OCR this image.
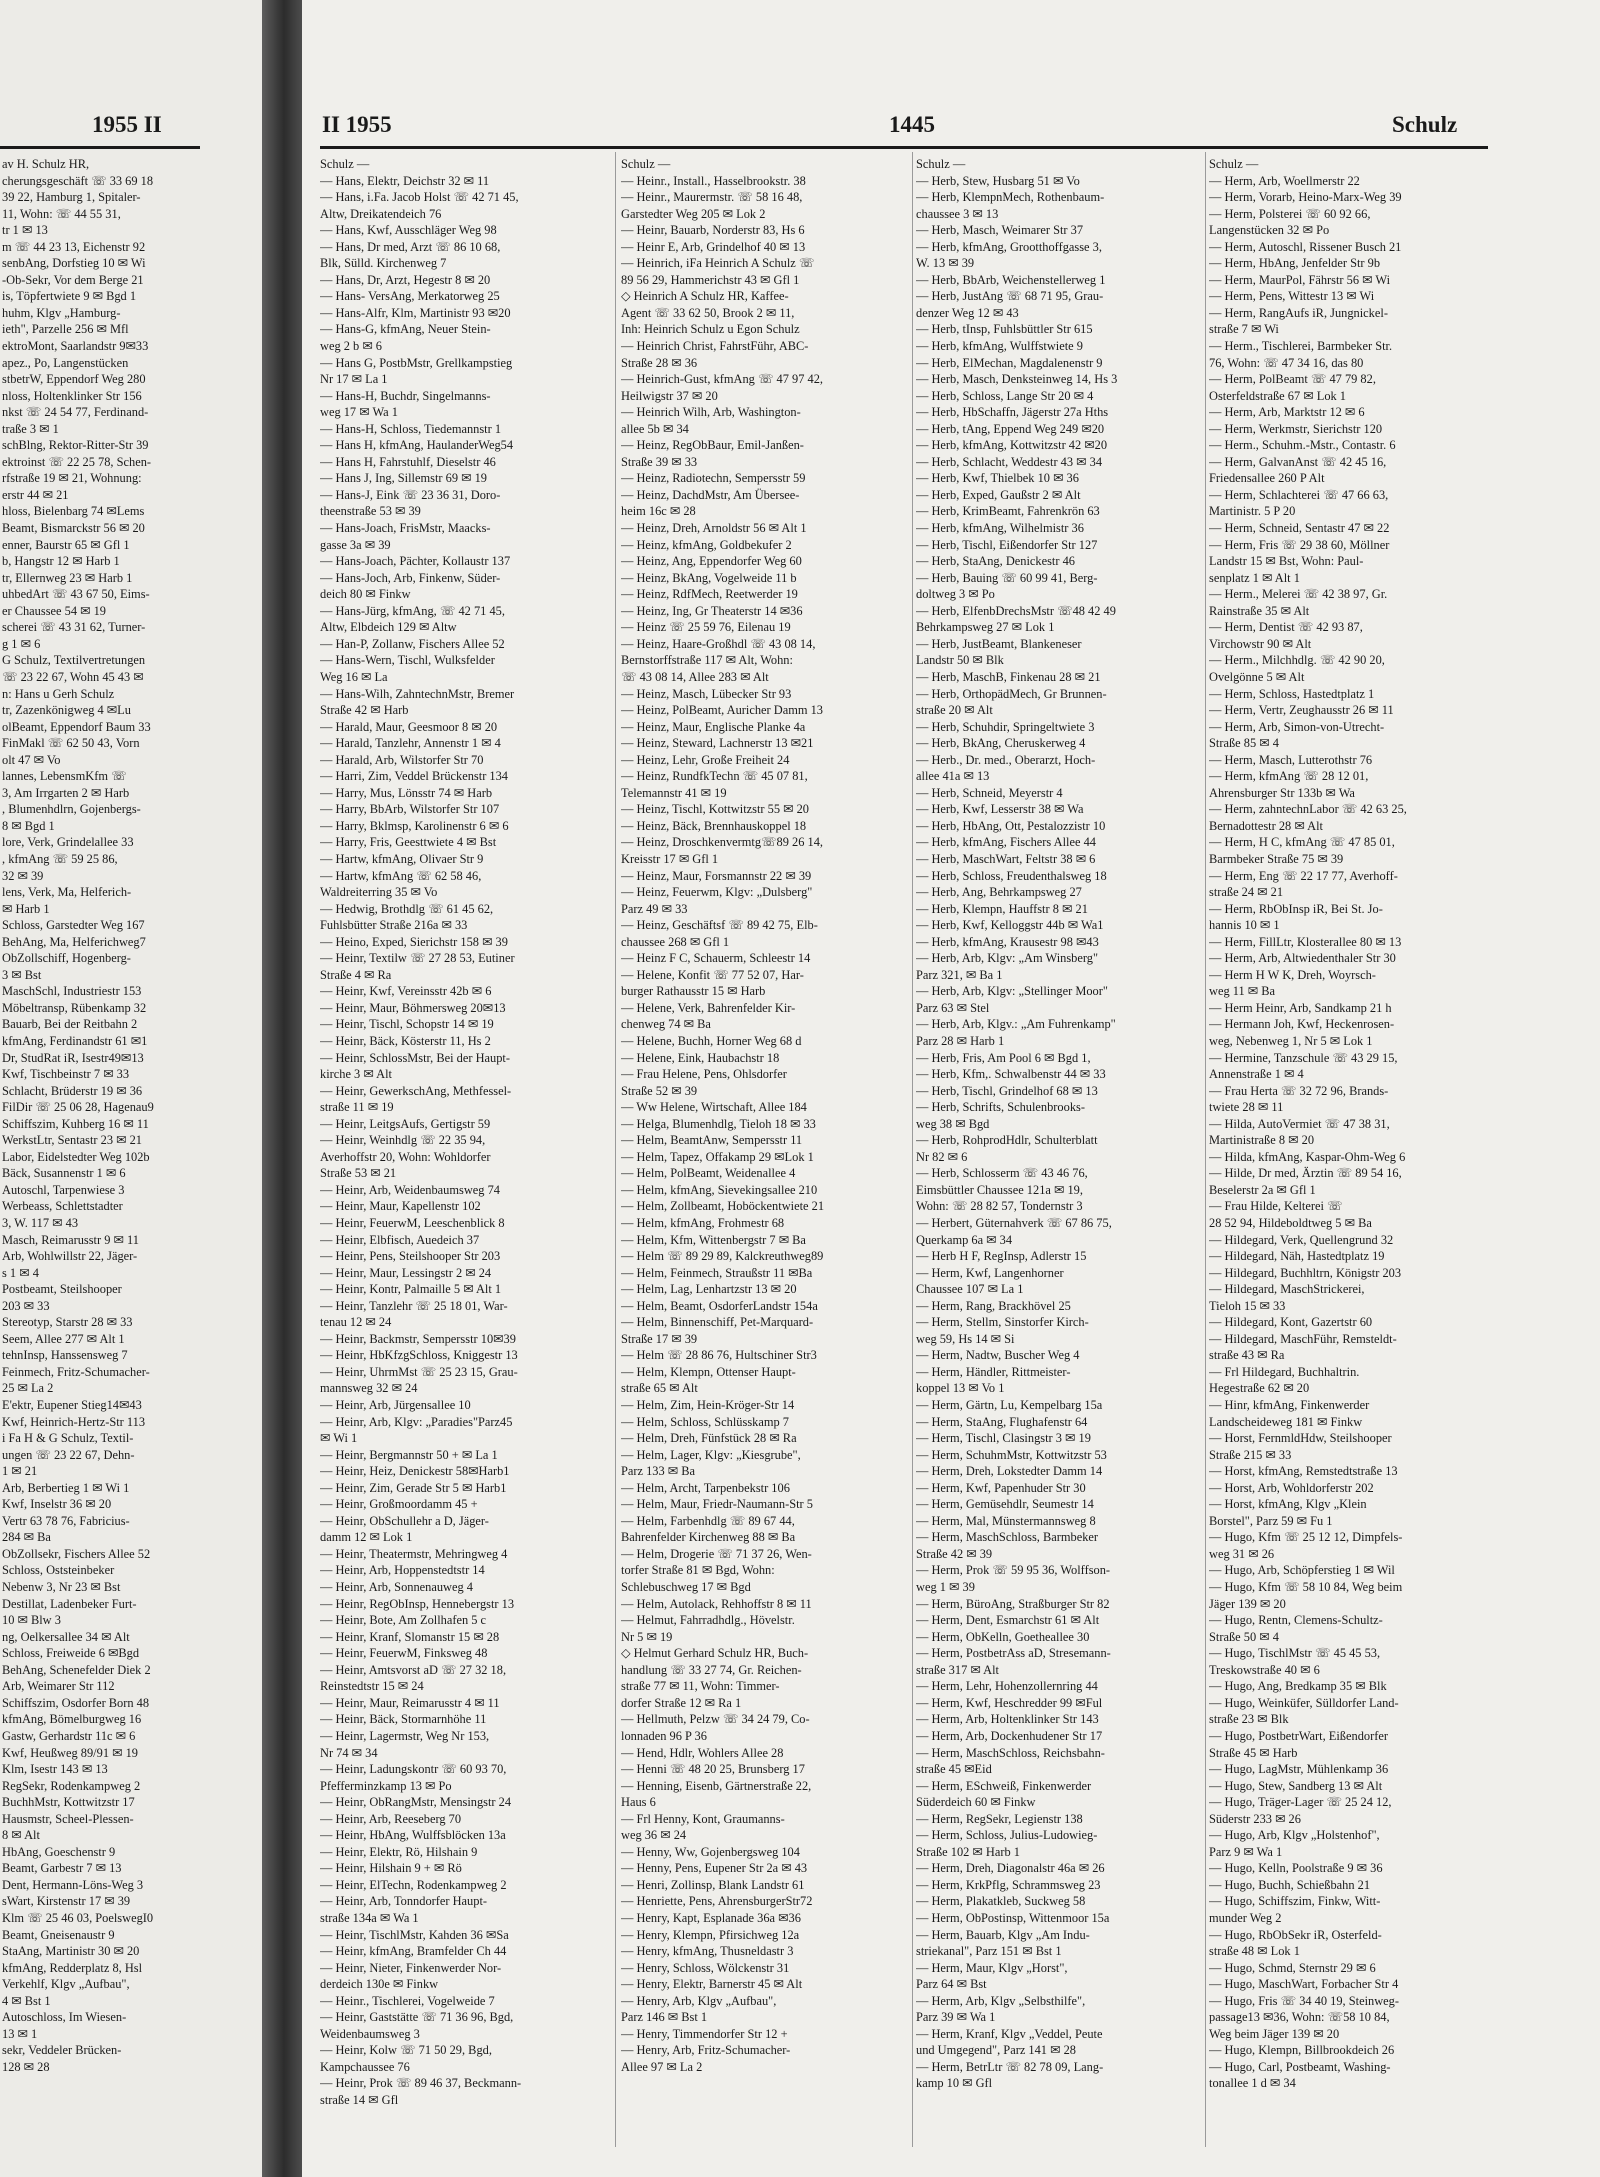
1955 II
av H. Schulz HR,
cherungsgeschäft ☏ 33 69 18
39 22, Hamburg 1, Spitaler-
11, Wohn: ☏ 44 55 31,
tr 1 ✉ 13
m ☏ 44 23 13, Eichenstr 92
senbAng, Dorfstieg 10 ✉ Wi
-Ob-Sekr, Vor dem Berge 21
is, Töpfertwiete 9 ✉ Bgd 1
huhm, Klgv „Hamburg-
ieth", Parzelle 256 ✉ Mfl
ektroMont, Saarlandstr 9✉33
apez., Po, Langenstücken
stbetrW, Eppendorf Weg 280
nloss, Holtenklinker Str 156
nkst ☏ 24 54 77, Ferdinand-
traße 3 ✉ 1
schBlng, Rektor-Ritter-Str 39
ektroinst ☏ 22 25 78, Schen-
rfstraße 19 ✉ 21, Wohnung:
erstr 44 ✉ 21
hloss, Bielenbarg 74 ✉Lems
Beamt, Bismarckstr 56 ✉ 20
enner, Baurstr 65 ✉ Gfl 1
b, Hangstr 12 ✉ Harb 1
tr, Ellernweg 23 ✉ Harb 1
uhbedArt ☏ 43 67 50, Eims-
er Chaussee 54 ✉ 19
scherei ☏ 43 31 62, Turner-
g 1 ✉ 6
G Schulz, Textilvertretungen
☏ 23 22 67, Wohn 45 43 ✉
n: Hans u Gerh Schulz
tr, Zazenkönigweg 4 ✉Lu
olBeamt, Eppendorf Baum 33
FinMakl ☏ 62 50 43, Vorn
olt 47 ✉ Vo
lannes, LebensmKfm ☏
3, Am Irrgarten 2 ✉ Harb
, Blumenhdlrn, Gojenbergs-
8 ✉ Bgd 1
lore, Verk, Grindelallee 33
, kfmAng ☏ 59 25 86,
32 ✉ 39
lens, Verk, Ma, Helferich-
✉ Harb 1
Schloss, Garstedter Weg 167
BehAng, Ma, Helferichweg7
ObZollschiff, Hogenberg-
3 ✉ Bst
MaschSchl, Industriestr 153
Möbeltransp, Rübenkamp 32
Bauarb, Bei der Reitbahn 2
kfmAng, Ferdinandstr 61 ✉1
Dr, StudRat iR, Isestr49✉13
Kwf, Tischbeinstr 7 ✉ 33
Schlacht, Brüderstr 19 ✉ 36
FilDir ☏ 25 06 28, Hagenau9
Schiffszim, Kuhberg 16 ✉ 11
WerkstLtr, Sentastr 23 ✉ 21
Labor, Eidelstedter Weg 102b
Bäck, Susannenstr 1 ✉ 6
Autoschl, Tarpenwiese 3
Werbeass, Schlettstadter
3, W. 117 ✉ 43
Masch, Reimarusstr 9 ✉ 11
Arb, Wohlwillstr 22, Jäger-
s 1 ✉ 4
Postbeamt, Steilshooper
203 ✉ 33
Stereotyp, Starstr 28 ✉ 33
Seem, Allee 277 ✉ Alt 1
tehnInsp, Hanssensweg 7
Feinmech, Fritz-Schumacher-
25 ✉ La 2
E'ektr, Eupener Stieg14✉43
Kwf, Heinrich-Hertz-Str 113
i Fa H & G Schulz, Textil-
ungen ☏ 23 22 67, Dehn-
1 ✉ 21
Arb, Berbertieg 1 ✉ Wi 1
Kwf, Inselstr 36 ✉ 20
Vertr 63 78 76, Fabricius-
284 ✉ Ba
ObZollsekr, Fischers Allee 52
Schloss, Oststeinbeker
Nebenw 3, Nr 23 ✉ Bst
Destillat, Ladenbeker Furt-
10 ✉ Blw 3
ng, Oelkersallee 34 ✉ Alt
Schloss, Freiweide 6 ✉Bgd
BehAng, Schenefelder Diek 2
Arb, Weimarer Str 112
Schiffszim, Osdorfer Born 48
kfmAng, Bömelburgweg 16
Gastw, Gerhardstr 11c ✉ 6
Kwf, Heußweg 89/91 ✉ 19
Klm, Isestr 143 ✉ 13
RegSekr, Rodenkampweg 2
BuchhMstr, Kottwitzstr 17
Hausmstr, Scheel-Plessen-
8 ✉ Alt
HbAng, Goeschenstr 9
Beamt, Garbestr 7 ✉ 13
Dent, Hermann-Löns-Weg 3
sWart, Kirstenstr 17 ✉ 39
Klm ☏ 25 46 03, PoelswegI0
Beamt, Gneisenaustr 9
StaAng, Martinistr 30 ✉ 20
kfmAng, Redderplatz 8, Hsl
Verkehlf, Klgv „Aufbau",
4 ✉ Bst 1
Autoschloss, Im Wiesen-
13 ✉ 1
sekr, Veddeler Brücken-
128 ✉ 28
II 1955	1445	Schulz
Schulz —
— Hans, Elektr, Deichstr 32 ✉ 11
— Hans, i.Fa. Jacob Holst ☏ 42 71 45,
Altw, Dreikatendeich 76
— Hans, Kwf, Ausschläger Weg 98
— Hans, Dr med, Arzt ☏ 86 10 68,
Blk, Sülld. Kirchenweg 7
— Hans, Dr, Arzt, Hegestr 8 ✉ 20
— Hans- VersAng, Merkatorweg 25
— Hans-Alfr, Klm, Martinistr 93 ✉20
— Hans-G, kfmAng, Neuer Stein-
weg 2 b ✉ 6
— Hans G, PostbMstr, Grellkampstieg
Nr 17 ✉ La 1
— Hans-H, Buchdr, Singelmanns-
weg 17 ✉ Wa 1
— Hans-H, Schloss, Tiedemannstr 1
— Hans H, kfmAng, HaulanderWeg54
— Hans H, Fahrstuhlf, Dieselstr 46
— Hans J, Ing, Sillemstr 69 ✉ 19
— Hans-J, Eink ☏ 23 36 31, Doro-
theenstraße 53 ✉ 39
— Hans-Joach, FrisMstr, Maacks-
gasse 3a ✉ 39
— Hans-Joach, Pächter, Kollaustr 137
— Hans-Joch, Arb, Finkenw, Süder-
deich 80 ✉ Finkw
— Hans-Jürg, kfmAng, ☏ 42 71 45,
Altw, Elbdeich 129 ✉ Altw
— Han-P, Zollanw, Fischers Allee 52
— Hans-Wern, Tischl, Wulksfelder
Weg 16 ✉ La
— Hans-Wilh, ZahntechnMstr, Bremer
Straße 42 ✉ Harb
— Harald, Maur, Geesmoor 8 ✉ 20
— Harald, Tanzlehr, Annenstr 1 ✉ 4
— Harald, Arb, Wilstorfer Str 70
— Harri, Zim, Veddel Brückenstr 134
— Harry, Mus, Lönsstr 74 ✉ Harb
— Harry, BbArb, Wilstorfer Str 107
— Harry, Bklmsp, Karolinenstr 6 ✉ 6
— Harry, Fris, Geesttwiete 4 ✉ Bst
— Hartw, kfmAng, Olivaer Str 9
— Hartw, kfmAng ☏ 62 58 46,
Waldreiterring 35 ✉ Vo
— Hedwig, Brothdlg ☏ 61 45 62,
Fuhlsbütter Straße 216a ✉ 33
— Heino, Exped, Sierichstr 158 ✉ 39
— Heinr, Textilw ☏ 27 28 53, Eutiner
Straße 4 ✉ Ra
— Heinr, Kwf, Vereinsstr 42b ✉ 6
— Heinr, Maur, Böhmersweg 20✉13
— Heinr, Tischl, Schopstr 14 ✉ 19
— Heinr, Bäck, Kösterstr 11, Hs 2
— Heinr, SchlossMstr, Bei der Haupt-
kirche 3 ✉ Alt
— Heinr, GewerkschAng, Methfessel-
straße 11 ✉ 19
— Heinr, LeitgsAufs, Gertigstr 59
— Heinr, Weinhdlg ☏ 22 35 94,
Averhoffstr 20, Wohn: Wohldorfer
Straße 53 ✉ 21
— Heinr, Arb, Weidenbaumsweg 74
— Heinr, Maur, Kapellenstr 102
— Heinr, FeuerwM, Leeschenblick 8
— Heinr, Elbfisch, Auedeich 37
— Heinr, Pens, Steilshooper Str 203
— Heinr, Maur, Lessingstr 2 ✉ 24
— Heinr, Kontr, Palmaille 5 ✉ Alt 1
— Heinr, Tanzlehr ☏ 25 18 01, War-
tenau 12 ✉ 24
— Heinr, Backmstr, Sempersstr 10✉39
— Heinr, HbKfzgSchloss, Kniggestr 13
— Heinr, UhrmMst ☏ 25 23 15, Grau-
mannsweg 32 ✉ 24
— Heinr, Arb, Jürgensallee 10
— Heinr, Arb, Klgv: „Paradies"Parz45
✉ Wi 1
— Heinr, Bergmannstr 50 + ✉ La 1
— Heinr, Heiz, Denickestr 58✉Harb1
— Heinr, Zim, Gerade Str 5 ✉ Harb1
— Heinr, Großmoordamm 45 +
— Heinr, ObSchullehr a D, Jäger-
damm 12 ✉ Lok 1
— Heinr, Theatermstr, Mehringweg 4
— Heinr, Arb, Hoppenstedtstr 14
— Heinr, Arb, Sonnenauweg 4
— Heinr, RegObInsp, Hennebergstr 13
— Heinr, Bote, Am Zollhafen 5 c
— Heinr, Kranf, Slomanstr 15 ✉ 28
— Heinr, FeuerwM, Finksweg 48
— Heinr, Amtsvorst aD ☏ 27 32 18,
Reinstedtstr 15 ✉ 24
— Heinr, Maur, Reimarusstr 4 ✉ 11
— Heinr, Bäck, Stormarnhöhe 11
— Heinr, Lagermstr, Weg Nr 153,
Nr 74 ✉ 34
— Heinr, Ladungskontr ☏ 60 93 70,
Pfefferminzkamp 13 ✉ Po
— Heinr, ObRangMstr, Mensingstr 24
— Heinr, Arb, Reeseberg 70
— Heinr, HbAng, Wulffsblöcken 13a
— Heinr, Elektr, Rö, Hilshain 9
— Heinr, Hilshain 9 + ✉ Rö
— Heinr, ElTechn, Rodenkampweg 2
— Heinr, Arb, Tonndorfer Haupt-
straße 134a ✉ Wa 1
— Heinr, TischlMstr, Kahden 36 ✉Sa
— Heinr, kfmAng, Bramfelder Ch 44
— Heinr, Nieter, Finkenwerder Nor-
derdeich 130e ✉ Finkw
— Heinr., Tischlerei, Vogelweide 7
— Heinr, Gaststätte ☏ 71 36 96, Bgd,
Weidenbaumsweg 3
— Heinr, Kolw ☏ 71 50 29, Bgd,
Kampchaussee 76
— Heinr, Prok ☏ 89 46 37, Beckmann-
straße 14 ✉ Gfl
Schulz —
— Heinr., Install., Hasselbrookstr. 38
— Heinr., Maurermstr. ☏ 58 16 48,
Garstedter Weg 205 ✉ Lok 2
— Heinr, Bauarb, Norderstr 83, Hs 6
— Heinr E, Arb, Grindelhof 40 ✉ 13
— Heinrich, iFa Heinrich A Schulz ☏
89 56 29, Hammerichstr 43 ✉ Gfl 1
◇ Heinrich A Schulz HR, Kaffee-
Agent ☏ 33 62 50, Brook 2 ✉ 11,
Inh: Heinrich Schulz u Egon Schulz
— Heinrich Christ, FahrstFühr, ABC-
Straße 28 ✉ 36
— Heinrich-Gust, kfmAng ☏ 47 97 42,
Heilwigstr 37 ✉ 20
— Heinrich Wilh, Arb, Washington-
allee 5b ✉ 34
— Heinz, RegObBaur, Emil-Janßen-
Straße 39 ✉ 33
— Heinz, Radiotechn, Sempersstr 59
— Heinz, DachdMstr, Am Übersee-
heim 16c ✉ 28
— Heinz, Dreh, Arnoldstr 56 ✉ Alt 1
— Heinz, kfmAng, Goldbekufer 2
— Heinz, Ang, Eppendorfer Weg 60
— Heinz, BkAng, Vogelweide 11 b
— Heinz, RdfMech, Reetwerder 19
— Heinz, Ing, Gr Theaterstr 14 ✉36
— Heinz ☏ 25 59 76, Eilenau 19
— Heinz, Haare-Großhdl ☏ 43 08 14,
Bernstorffstraße 117 ✉ Alt, Wohn:
☏ 43 08 14, Allee 283 ✉ Alt
— Heinz, Masch, Lübecker Str 93
— Heinz, PolBeamt, Auricher Damm 13
— Heinz, Maur, Englische Planke 4a
— Heinz, Steward, Lachnerstr 13 ✉21
— Heinz, Lehr, Große Freiheit 24
— Heinz, RundfkTechn ☏ 45 07 81,
Telemannstr 41 ✉ 19
— Heinz, Tischl, Kottwitzstr 55 ✉ 20
— Heinz, Bäck, Brennhauskoppel 18
— Heinz, Droschkenvermtg☏89 26 14,
Kreisstr 17 ✉ Gfl 1
— Heinz, Maur, Forsmannstr 22 ✉ 39
— Heinz, Feuerwm, Klgv: „Dulsberg"
Parz 49 ✉ 33
— Heinz, Geschäftsf ☏ 89 42 75, Elb-
chaussee 268 ✉ Gfl 1
— Heinz F C, Schauerm, Schleestr 14
— Helene, Konfit ☏ 77 52 07, Har-
burger Rathausstr 15 ✉ Harb
— Helene, Verk, Bahrenfelder Kir-
chenweg 74 ✉ Ba
— Helene, Buchh, Horner Weg 68 d
— Helene, Eink, Haubachstr 18
— Frau Helene, Pens, Ohlsdorfer
Straße 52 ✉ 39
— Ww Helene, Wirtschaft, Allee 184
— Helga, Blumenhdlg, Tieloh 18 ✉ 33
— Helm, BeamtAnw, Sempersstr 11
— Helm, Tapez, Offakamp 29 ✉Lok 1
— Helm, PolBeamt, Weidenallee 4
— Helm, kfmAng, Sievekingsallee 210
— Helm, Zollbeamt, Hoböckentwiete 21
— Helm, kfmAng, Frohmestr 68
— Helm, Kfm, Wittenbergstr 7 ✉ Ba
— Helm ☏ 89 29 89, Kalckreuthweg89
— Helm, Feinmech, Straußstr 11 ✉Ba
— Helm, Lag, Lenhartzstr 13 ✉ 20
— Helm, Beamt, OsdorferLandstr 154a
— Helm, Binnenschiff, Pet-Marquard-
Straße 17 ✉ 39
— Helm ☏ 28 86 76, Hultschiner Str3
— Helm, Klempn, Ottenser Haupt-
straße 65 ✉ Alt
— Helm, Zim, Hein-Kröger-Str 14
— Helm, Schloss, Schlüsskamp 7
— Helm, Dreh, Fünfstück 28 ✉ Ra
— Helm, Lager, Klgv: „Kiesgrube",
Parz 133 ✉ Ba
— Helm, Archt, Tarpenbekstr 106
— Helm, Maur, Friedr-Naumann-Str 5
— Helm, Farbenhdlg ☏ 89 67 44,
Bahrenfelder Kirchenweg 88 ✉ Ba
— Helm, Drogerie ☏ 71 37 26, Wen-
torfer Straße 81 ✉ Bgd, Wohn:
Schlebuschweg 17 ✉ Bgd
— Helm, Autolack, Rehhoffstr 8 ✉ 11
— Helmut, Fahrradhdlg., Hövelstr.
Nr 5 ✉ 19
◇ Helmut Gerhard Schulz HR, Buch-
handlung ☏ 33 27 74, Gr. Reichen-
straße 77 ✉ 11, Wohn: Timmer-
dorfer Straße 12 ✉ Ra 1
— Hellmuth, Pelzw ☏ 34 24 79, Co-
lonnaden 96 P 36
— Hend, Hdlr, Wohlers Allee 28
— Henni ☏ 48 20 25, Brunsberg 17
— Henning, Eisenb, Gärtnerstraße 22,
Haus 6
— Frl Henny, Kont, Graumanns-
weg 36 ✉ 24
— Henny, Ww, Gojenbergsweg 104
— Henny, Pens, Eupener Str 2a ✉ 43
— Henri, Zollinsp, Blank Landstr 61
— Henriette, Pens, AhrensburgerStr72
— Henry, Kapt, Esplanade 36a ✉36
— Henry, Klempn, Pfirsichweg 12a
— Henry, kfmAng, Thusneldastr 3
— Henry, Schloss, Wölckenstr 31
— Henry, Elektr, Barnerstr 45 ✉ Alt
— Henry, Arb, Klgv „Aufbau",
Parz 146 ✉ Bst 1
— Henry, Timmendorfer Str 12 +
— Henry, Arb, Fritz-Schumacher-
Allee 97 ✉ La 2
Schulz —
— Herb, Stew, Husbarg 51 ✉ Vo
— Herb, KlempnMech, Rothenbaum-
chaussee 3 ✉ 13
— Herb, Masch, Weimarer Str 37
— Herb, kfmAng, Grootthoffgasse 3,
W. 13 ✉ 39
— Herb, BbArb, Weichenstellerweg 1
— Herb, JustAng ☏ 68 71 95, Grau-
denzer Weg 12 ✉ 43
— Herb, tInsp, Fuhlsbüttler Str 615
— Herb, kfmAng, Wulffstwiete 9
— Herb, ElMechan, Magdalenenstr 9
— Herb, Masch, Denksteinweg 14, Hs 3
— Herb, Schloss, Lange Str 20 ✉ 4
— Herb, HbSchaffn, Jägerstr 27a Hths
— Herb, tAng, Eppend Weg 249 ✉20
— Herb, kfmAng, Kottwitzstr 42 ✉20
— Herb, Schlacht, Weddestr 43 ✉ 34
— Herb, Kwf, Thielbek 10 ✉ 36
— Herb, Exped, Gaußstr 2 ✉ Alt
— Herb, KrimBeamt, Fahrenkrön 63
— Herb, kfmAng, Wilhelmistr 36
— Herb, Tischl, Eißendorfer Str 127
— Herb, StaAng, Denickestr 46
— Herb, Bauing ☏ 60 99 41, Berg-
doltweg 3 ✉ Po
— Herb, ElfenbDrechsMstr ☏48 42 49
Behrkampsweg 27 ✉ Lok 1
— Herb, JustBeamt, Blankeneser
Landstr 50 ✉ Blk
— Herb, MaschB, Finkenau 28 ✉ 21
— Herb, OrthopädMech, Gr Brunnen-
straße 20 ✉ Alt
— Herb, Schuhdir, Springeltwiete 3
— Herb, BkAng, Cheruskerweg 4
— Herb., Dr. med., Oberarzt, Hoch-
allee 41a ✉ 13
— Herb, Schneid, Meyerstr 4
— Herb, Kwf, Lesserstr 38 ✉ Wa
— Herb, HbAng, Ott, Pestalozzistr 10
— Herb, kfmAng, Fischers Allee 44
— Herb, MaschWart, Feltstr 38 ✉ 6
— Herb, Schloss, Freudenthalsweg 18
— Herb, Ang, Behrkampsweg 27
— Herb, Klempn, Hauffstr 8 ✉ 21
— Herb, Kwf, Kelloggstr 44b ✉ Wa1
— Herb, kfmAng, Krausestr 98 ✉43
— Herb, Arb, Klgv: „Am Winsberg"
Parz 321, ✉ Ba 1
— Herb, Arb, Klgv: „Stellinger Moor"
Parz 63 ✉ Stel
— Herb, Arb, Klgv.: „Am Fuhrenkamp"
Parz 28 ✉ Harb 1
— Herb, Fris, Am Pool 6 ✉ Bgd 1,
— Herb, Kfm,. Schwalbenstr 44 ✉ 33
— Herb, Tischl, Grindelhof 68 ✉ 13
— Herb, Schrifts, Schulenbrooks-
weg 38 ✉ Bgd
— Herb, RohprodHdlr, Schulterblatt
Nr 82 ✉ 6
— Herb, Schlosserm ☏ 43 46 76,
Eimsbüttler Chaussee 121a ✉ 19,
Wohn: ☏ 28 82 57, Tondernstr 3
— Herbert, Güternahverk ☏ 67 86 75,
Querkamp 6a ✉ 34
— Herb H F, RegInsp, Adlerstr 15
— Herm, Kwf, Langenhorner
Chaussee 107 ✉ La 1
— Herm, Rang, Brackhövel 25
— Herm, Stellm, Sinstorfer Kirch-
weg 59, Hs 14 ✉ Si
— Herm, Nadtw, Buscher Weg 4
— Herm, Händler, Rittmeister-
koppel 13 ✉ Vo 1
— Herm, Gärtn, Lu, Kempelbarg 15a
— Herm, StaAng, Flughafenstr 64
— Herm, Tischl, Clasingstr 3 ✉ 19
— Herm, SchuhmMstr, Kottwitzstr 53
— Herm, Dreh, Lokstedter Damm 14
— Herm, Kwf, Papenhuder Str 30
— Herm, Gemüsehdlr, Seumestr 14
— Herm, Mal, Münstermannsweg 8
— Herm, MaschSchloss, Barmbeker
Straße 42 ✉ 39
— Herm, Prok ☏ 59 95 36, Wolffson-
weg 1 ✉ 39
— Herm, BüroAng, Straßburger Str 82
— Herm, Dent, Esmarchstr 61 ✉ Alt
— Herm, ObKelln, Goetheallee 30
— Herm, PostbetrAss aD, Stresemann-
straße 317 ✉ Alt
— Herm, Lehr, Hohenzollernring 44
— Herm, Kwf, Heschredder 99 ✉Ful
— Herm, Arb, Holtenklinker Str 143
— Herm, Arb, Dockenhudener Str 17
— Herm, MaschSchloss, Reichsbahn-
straße 45 ✉Eid
— Herm, ESchweiß, Finkenwerder
Süderdeich 60 ✉ Finkw
— Herm, RegSekr, Legienstr 138
— Herm, Schloss, Julius-Ludowieg-
Straße 102 ✉ Harb 1
— Herm, Dreh, Diagonalstr 46a ✉ 26
— Herm, KrkPflg, Schrammsweg 23
— Herm, Plakatkleb, Suckweg 58
— Herm, ObPostinsp, Wittenmoor 15a
— Herm, Bauarb, Klgv „Am Indu-
striekanal", Parz 151 ✉ Bst 1
— Herm, Maur, Klgv „Horst",
Parz 64 ✉ Bst
— Herm, Arb, Klgv „Selbsthilfe",
Parz 39 ✉ Wa 1
— Herm, Kranf, Klgv „Veddel, Peute
und Umgegend", Parz 141 ✉ 28
— Herm, BetrLtr ☏ 82 78 09, Lang-
kamp 10 ✉ Gfl
Schulz —
— Herm, Arb, Woellmerstr 22
— Herm, Vorarb, Heino-Marx-Weg 39
— Herm, Polsterei ☏ 60 92 66,
Langenstücken 32 ✉ Po
— Herm, Autoschl, Rissener Busch 21
— Herm, HbAng, Jenfelder Str 9b
— Herm, MaurPol, Fährstr 56 ✉ Wi
— Herm, Pens, Wittestr 13 ✉ Wi
— Herm, RangAufs iR, Jungnickel-
straße 7 ✉ Wi
— Herm., Tischlerei, Barmbeker Str.
76, Wohn: ☏ 47 34 16, das 80
— Herm, PolBeamt ☏ 47 79 82,
Osterfeldstraße 67 ✉ Lok 1
— Herm, Arb, Marktstr 12 ✉ 6
— Herm, Werkmstr, Sierichstr 120
— Herm., Schuhm.-Mstr., Contastr. 6
— Herm, GalvanAnst ☏ 42 45 16,
Friedensallee 260 P Alt
— Herm, Schlachterei ☏ 47 66 63,
Martinistr. 5 P 20
— Herm, Schneid, Sentastr 47 ✉ 22
— Herm, Fris ☏ 29 38 60, Möllner
Landstr 15 ✉ Bst, Wohn: Paul-
senplatz 1 ✉ Alt 1
— Herm., Melerei ☏ 42 38 97, Gr.
Rainstraße 35 ✉ Alt
— Herm, Dentist ☏ 42 93 87,
Virchowstr 90 ✉ Alt
— Herm., Milchhdlg. ☏ 42 90 20,
Ovelgönne 5 ✉ Alt
— Herm, Schloss, Hastedtplatz 1
— Herm, Vertr, Zeughausstr 26 ✉ 11
— Herm, Arb, Simon-von-Utrecht-
Straße 85 ✉ 4
— Herm, Masch, Lutterothstr 76
— Herm, kfmAng ☏ 28 12 01,
Ahrensburger Str 133b ✉ Wa
— Herm, zahntechnLabor ☏ 42 63 25,
Bernadottestr 28 ✉ Alt
— Herm, H C, kfmAng ☏ 47 85 01,
Barmbeker Straße 75 ✉ 39
— Herm, Eng ☏ 22 17 77, Averhoff-
straße 24 ✉ 21
— Herm, RbObInsp iR, Bei St. Jo-
hannis 10 ✉ 1
— Herm, FillLtr, Klosterallee 80 ✉ 13
— Herm, Arb, Altwiedenthaler Str 30
— Herm H W K, Dreh, Woyrsch-
weg 11 ✉ Ba
— Herm Heinr, Arb, Sandkamp 21 h
— Hermann Joh, Kwf, Heckenrosen-
weg, Nebenweg 1, Nr 5 ✉ Lok 1
— Hermine, Tanzschule ☏ 43 29 15,
Annenstraße 1 ✉ 4
— Frau Herta ☏ 32 72 96, Brands-
twiete 28 ✉ 11
— Hilda, AutoVermiet ☏ 47 38 31,
Martinistraße 8 ✉ 20
— Hilda, kfmAng, Kaspar-Ohm-Weg 6
— Hilde, Dr med, Ärztin ☏ 89 54 16,
Beselerstr 2a ✉ Gfl 1
— Frau Hilde, Kelterei ☏
28 52 94, Hildeboldtweg 5 ✉ Ba
— Hildegard, Verk, Quellengrund 32
— Hildegard, Näh, Hastedtplatz 19
— Hildegard, Buchhltrn, Königstr 203
— Hildegard, MaschStrickerei,
Tieloh 15 ✉ 33
— Hildegard, Kont, Gazertstr 60
— Hildegard, MaschFühr, Remsteldt-
straße 43 ✉ Ra
— Frl Hildegard, Buchhaltrin.
Hegestraße 62 ✉ 20
— Hinr, kfmAng, Finkenwerder
Landscheideweg 181 ✉ Finkw
— Horst, FernmldHdw, Steilshooper
Straße 215 ✉ 33
— Horst, kfmAng, Remstedtstraße 13
— Horst, Arb, Wohldorferstr 202
— Horst, kfmAng, Klgv „Klein
Borstel", Parz 59 ✉ Fu 1
— Hugo, Kfm ☏ 25 12 12, Dimpfels-
weg 31 ✉ 26
— Hugo, Arb, Schöpferstieg 1 ✉ Wil
— Hugo, Kfm ☏ 58 10 84, Weg beim
Jäger 139 ✉ 20
— Hugo, Rentn, Clemens-Schultz-
Straße 50 ✉ 4
— Hugo, TischlMstr ☏ 45 45 53,
Treskowstraße 40 ✉ 6
— Hugo, Ang, Bredkamp 35 ✉ Blk
— Hugo, Weinküfer, Sülldorfer Land-
straße 23 ✉ Blk
— Hugo, PostbetrWart, Eißendorfer
Straße 45 ✉ Harb
— Hugo, LagMstr, Mühlenkamp 36
— Hugo, Stew, Sandberg 13 ✉ Alt
— Hugo, Träger-Lager ☏ 25 24 12,
Süderstr 233 ✉ 26
— Hugo, Arb, Klgv „Holstenhof",
Parz 9 ✉ Wa 1
— Hugo, Kelln, Poolstraße 9 ✉ 36
— Hugo, Buchh, Schießbahn 21
— Hugo, Schiffszim, Finkw, Witt-
munder Weg 2
— Hugo, RbObSekr iR, Osterfeld-
straße 48 ✉ Lok 1
— Hugo, Schmd, Sternstr 29 ✉ 6
— Hugo, MaschWart, Forbacher Str 4
— Hugo, Fris ☏ 34 40 19, Steinweg-
passage13 ✉36, Wohn: ☏58 10 84,
Weg beim Jäger 139 ✉ 20
— Hugo, Klempn, Billbrookdeich 26
— Hugo, Carl, Postbeamt, Washing-
tonallee 1 d ✉ 34
